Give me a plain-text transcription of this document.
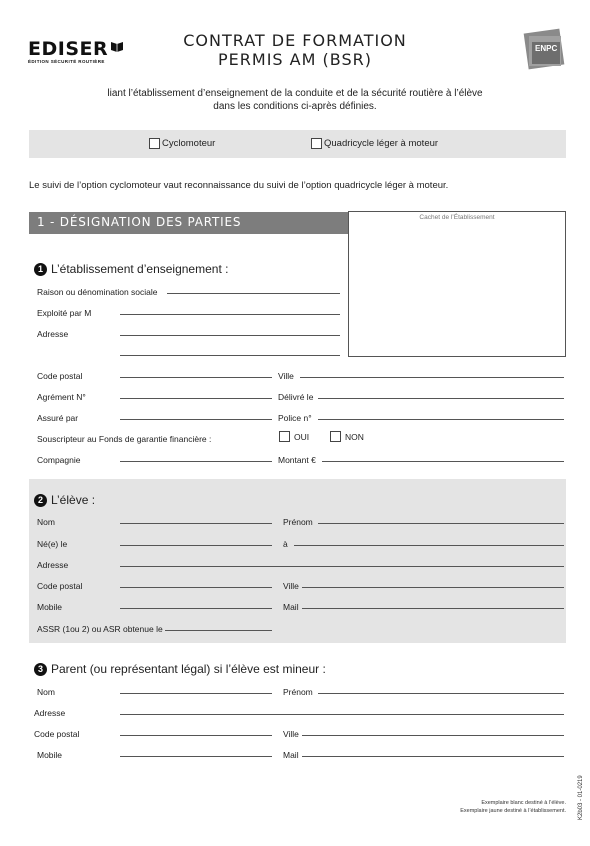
EDISER
ÉDITION SÉCURITÉ ROUTIÈRE
CONTRAT DE FORMATION
PERMIS AM (BSR)
ENPC
liant l’établissement d’enseignement de la conduite et de la sécurité routière à l’élève
dans les conditions ci-après définies.
Cyclomoteur	Quadricycle léger à moteur
Le suivi de l’option cyclomoteur vaut reconnaissance du suivi de l’option quadricycle léger à moteur.
1 - DÉSIGNATION DES PARTIES	Cachet de l’Établissement
1 L’établissement d’enseignement :
Raison ou dénomination sociale
Exploité par M
Adresse
Code postal	Ville
Agrément N°	Délivré le
Assuré par	Police n°
Souscripteur au Fonds de garantie financière :	OUI	NON
Compagnie	Montant €
2 L’élève :
Nom	Prénom
Né(e) le	à
Adresse
Code postal	Ville
Mobile	Mail
ASSR (1ou 2) ou ASR obtenue le
3 Parent (ou représentant légal) si l’élève est mineur :
Nom	Prénom
Adresse
Code postal	Ville
Mobile	Mail
Exemplaire blanc destiné à l’élève.
Exemplaire jaune destiné à l’établissement. K2b03 - 01-0219
